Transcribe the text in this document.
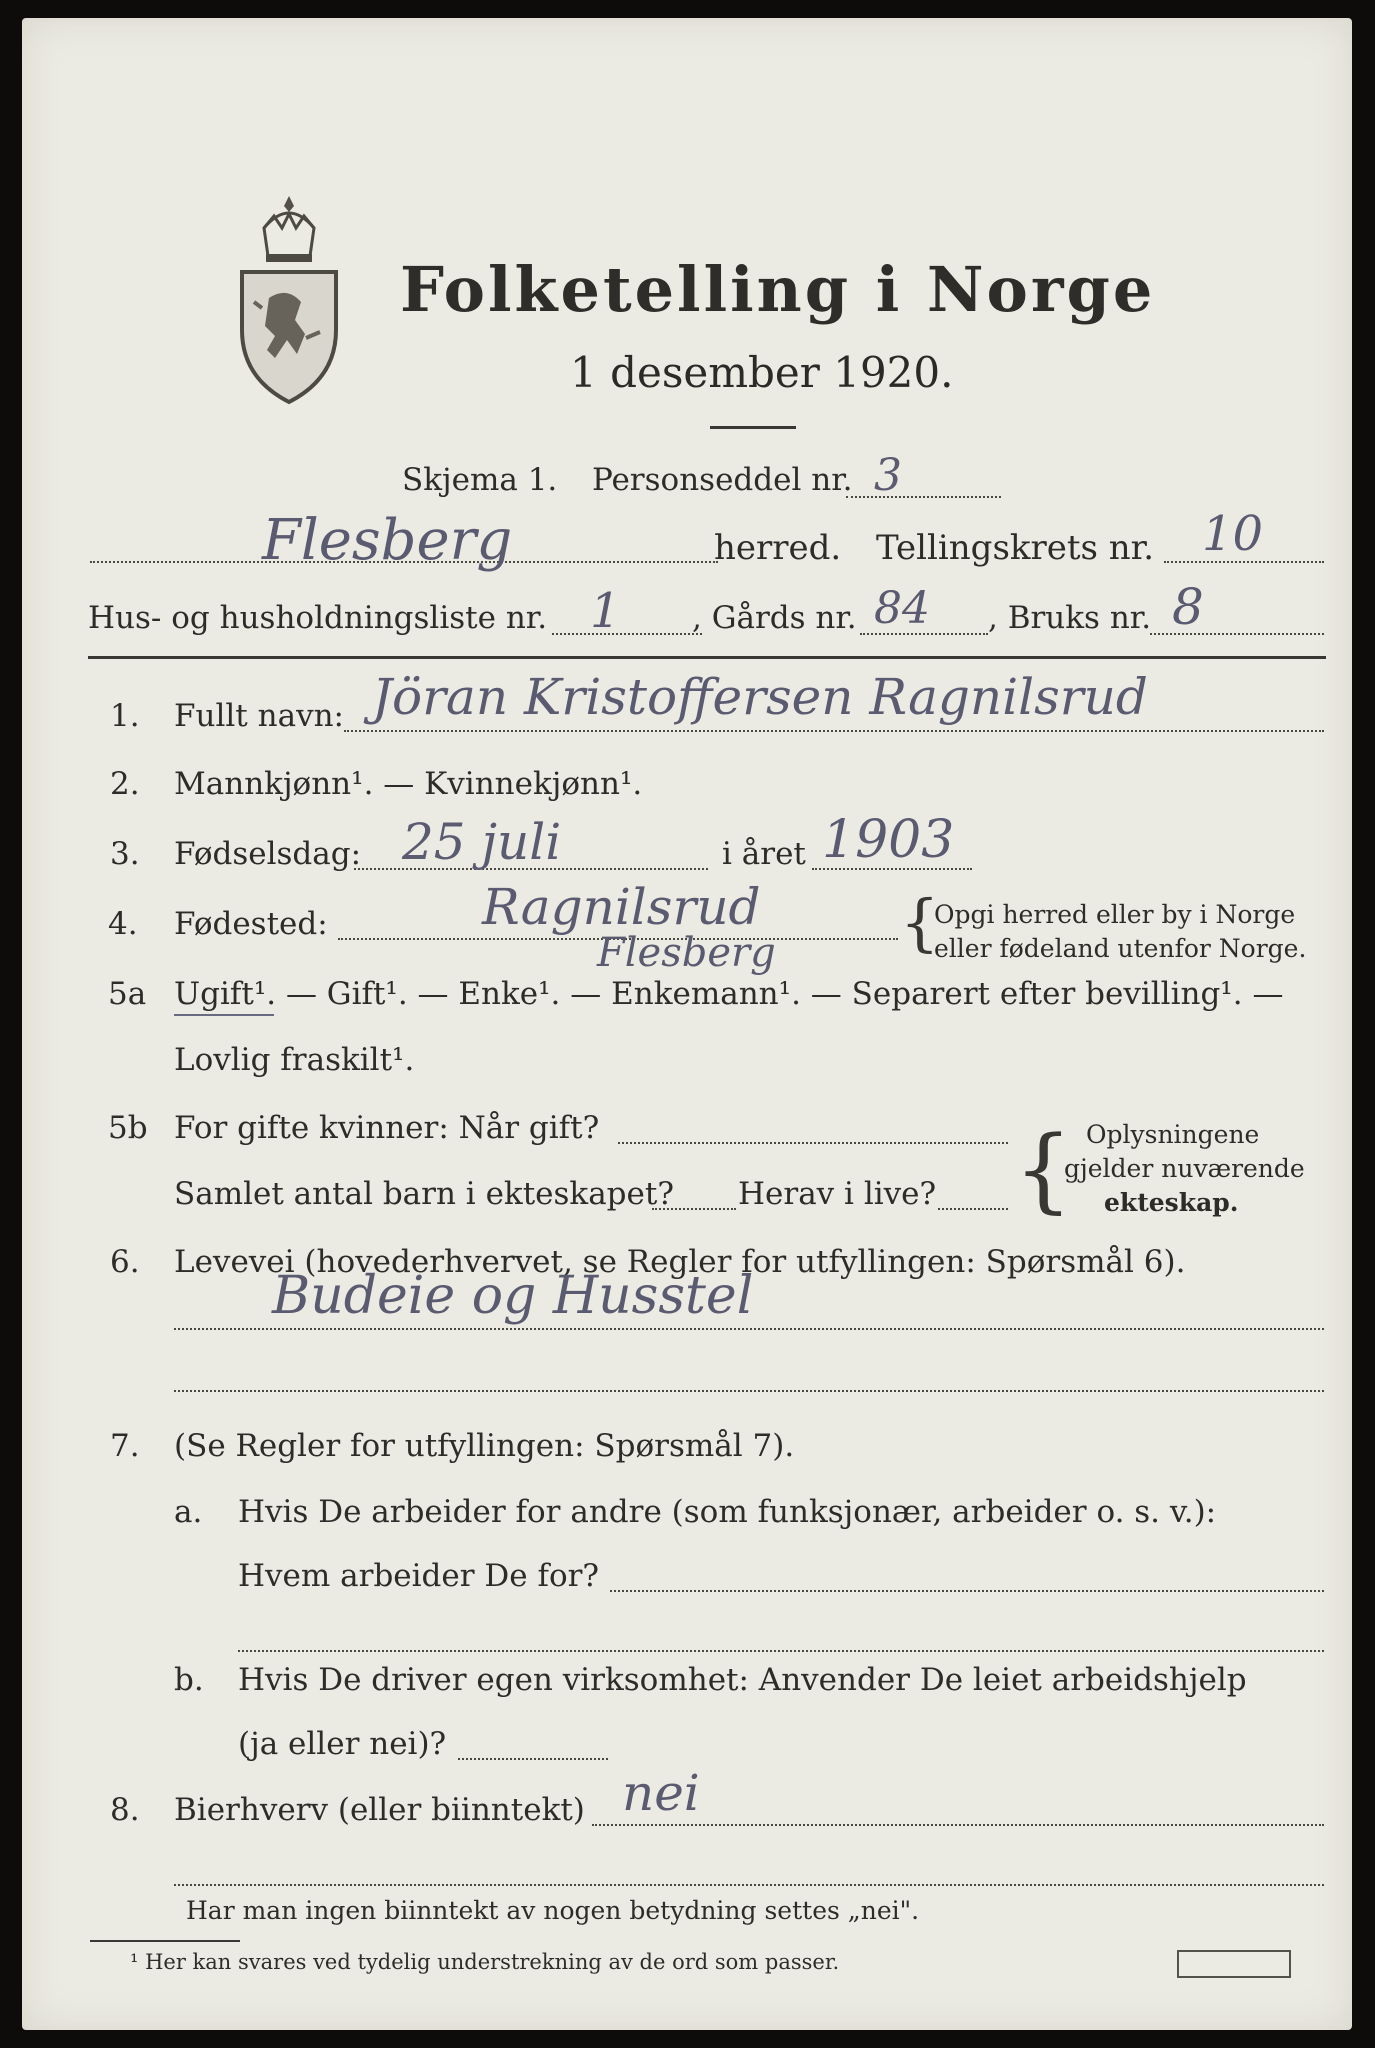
Folketelling i Norge
1 desember 1920.
Skjema 1. Personseddel nr. 3
Flesberg	herred. Tellingskrets nr. 10
Hus- og husholdningsliste nr. 1 , Gårds nr. 84 , Bruks nr. 8
1. Fullt navn: Jöran Kristoffersen Ragnilsrud
2. Mannkjønn¹. — Kvinnekjønn¹.
3. Fødselsdag: 25 juli	i året 1903
4. Fødested:	Ragnilsrud
Flesberg {
Opgi herred eller by i Norge
eller fødeland utenfor Norge.
5a Ugift¹. — Gift¹. — Enke¹. — Enkemann¹. — Separert efter bevilling¹. —
Lovlig fraskilt¹.
5b For gifte kvinner: Når gift?
Samlet antal barn i ekteskapet? Herav i live? { Oplysningene
gjelder nuværende
ekteskap.
6. Levevei (hovederhvervet, se Regler for utfyllingen: Spørsmål 6).
Budeie og Husstel
7. (Se Regler for utfyllingen: Spørsmål 7).
a. Hvis De arbeider for andre (som funksjonær, arbeider o. s. v.):
Hvem arbeider De for?
b. Hvis De driver egen virksomhet: Anvender De leiet arbeidshjelp
(ja eller nei)?
8. Bierhverv (eller biinntekt) nei
Har man ingen biinntekt av nogen betydning settes „nei".
¹ Her kan svares ved tydelig understrekning av de ord som passer.
